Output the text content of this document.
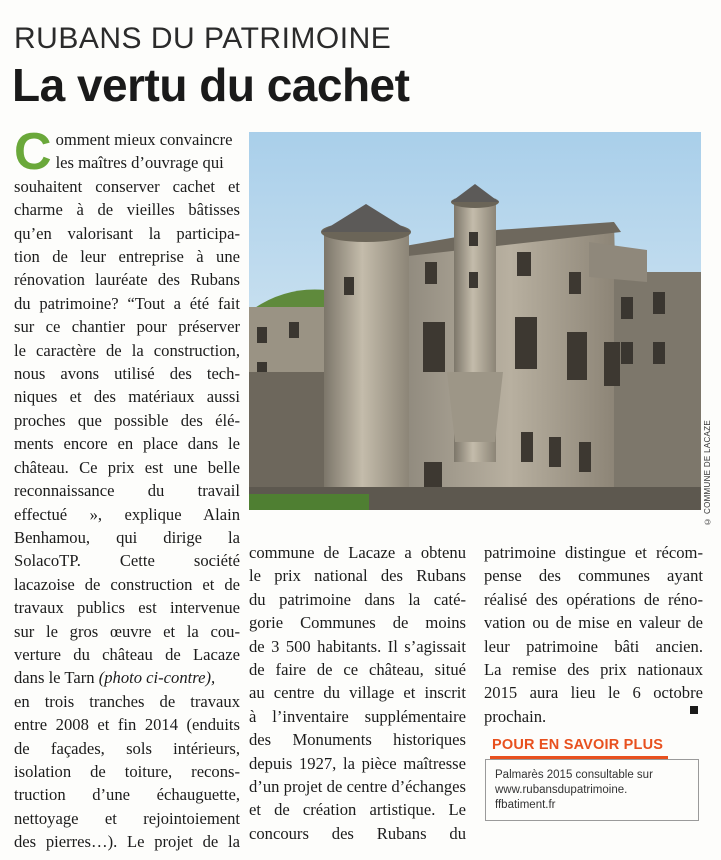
RUBANS DU PATRIMOINE
La vertu du cachet
C omment mieux convaincre
les maîtres d’ouvrage qui
souhaitent conserver cachet et
charme à de vieilles bâtisses
qu’en valorisant la participa-
tion de leur entreprise à une
rénovation lauréate des Rubans
du patrimoine? “Tout a été fait
sur ce chantier pour préserver
le caractère de la construction,
nous avons utilisé des tech-
niques et des matériaux aussi
proches que possible des élé-
ments encore en place dans le
château. Ce prix est une belle
reconnaissance du travail
effectué », explique Alain
Benhamou, qui dirige la
SolacoTP. Cette société
lacazoise de construction et de
travaux publics est intervenue
sur le gros œuvre et la cou-
verture du château de Lacaze
dans le Tarn (photo ci-contre),
en trois tranches de travaux
entre 2008 et fin 2014 (enduits
de façades, sols intérieurs,
isolation de toiture, recons-
truction d’une échauguette,
nettoyage et rejointoiement
des pierres…). Le projet de la
© COMMUNE DE LACAZE
commune de Lacaze a obtenu
le prix national des Rubans
du patrimoine dans la caté-
gorie Communes de moins
de 3 500 habitants. Il s’agissait
de faire de ce château, situé
au centre du village et inscrit
à l’inventaire supplémentaire
des Monuments historiques
depuis 1927, la pièce maîtresse
d’un projet de centre d’échanges
et de création artistique. Le
concours des Rubans du
patrimoine distingue et récom-
pense des communes ayant
réalisé des opérations de réno-
vation ou de mise en valeur de
leur patrimoine bâti ancien.
La remise des prix nationaux
2015 aura lieu le 6 octobre
prochain.
POUR EN SAVOIR PLUS
Palmarès 2015 consultable sur
www.rubansdupatrimoine.
ffbatiment.fr
